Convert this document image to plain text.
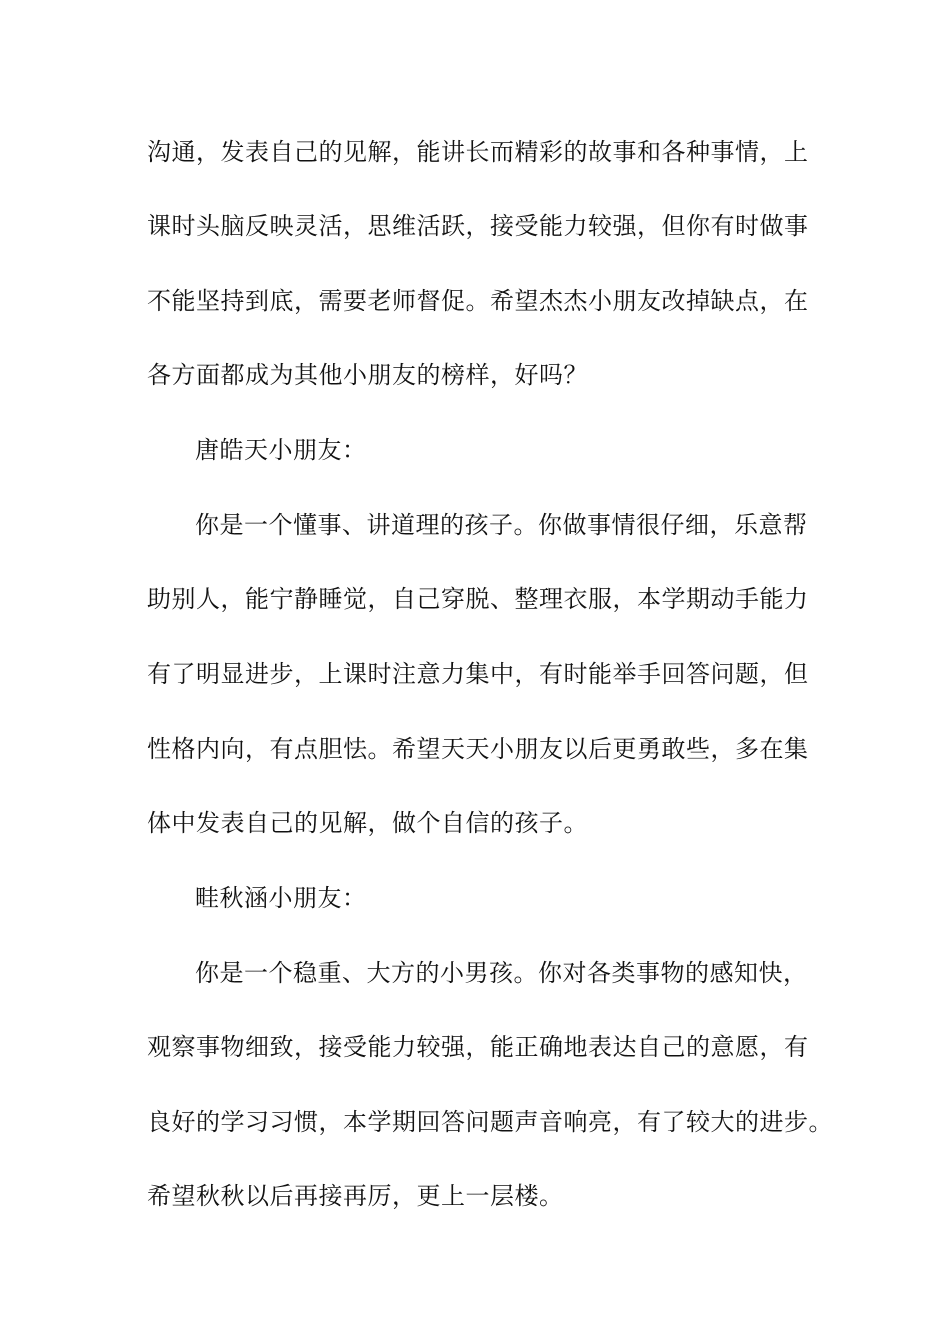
沟通，发表自己的见解，能讲长而精彩的故事和各种事情，上
课时头脑反映灵活，思维活跃，接受能力较强，但你有时做事
不能坚持到底，需要老师督促。希望杰杰小朋友改掉缺点，在
各方面都成为其他小朋友的榜样，好吗？
唐皓天小朋友：
你是一个懂事、讲道理的孩子。你做事情很仔细，乐意帮
助别人，能宁静睡觉，自己穿脱、整理衣服，本学期动手能力
有了明显进步，上课时注意力集中，有时能举手回答问题，但
性格内向，有点胆怯。希望天天小朋友以后更勇敢些，多在集
体中发表自己的见解，做个自信的孩子。
畦秋涵小朋友：
你是一个稳重、大方的小男孩。你对各类事物的感知快，
观察事物细致，接受能力较强，能正确地表达自己的意愿，有
良好的学习习惯，本学期回答问题声音响亮，有了较大的进步。
希望秋秋以后再接再厉，更上一层楼。
